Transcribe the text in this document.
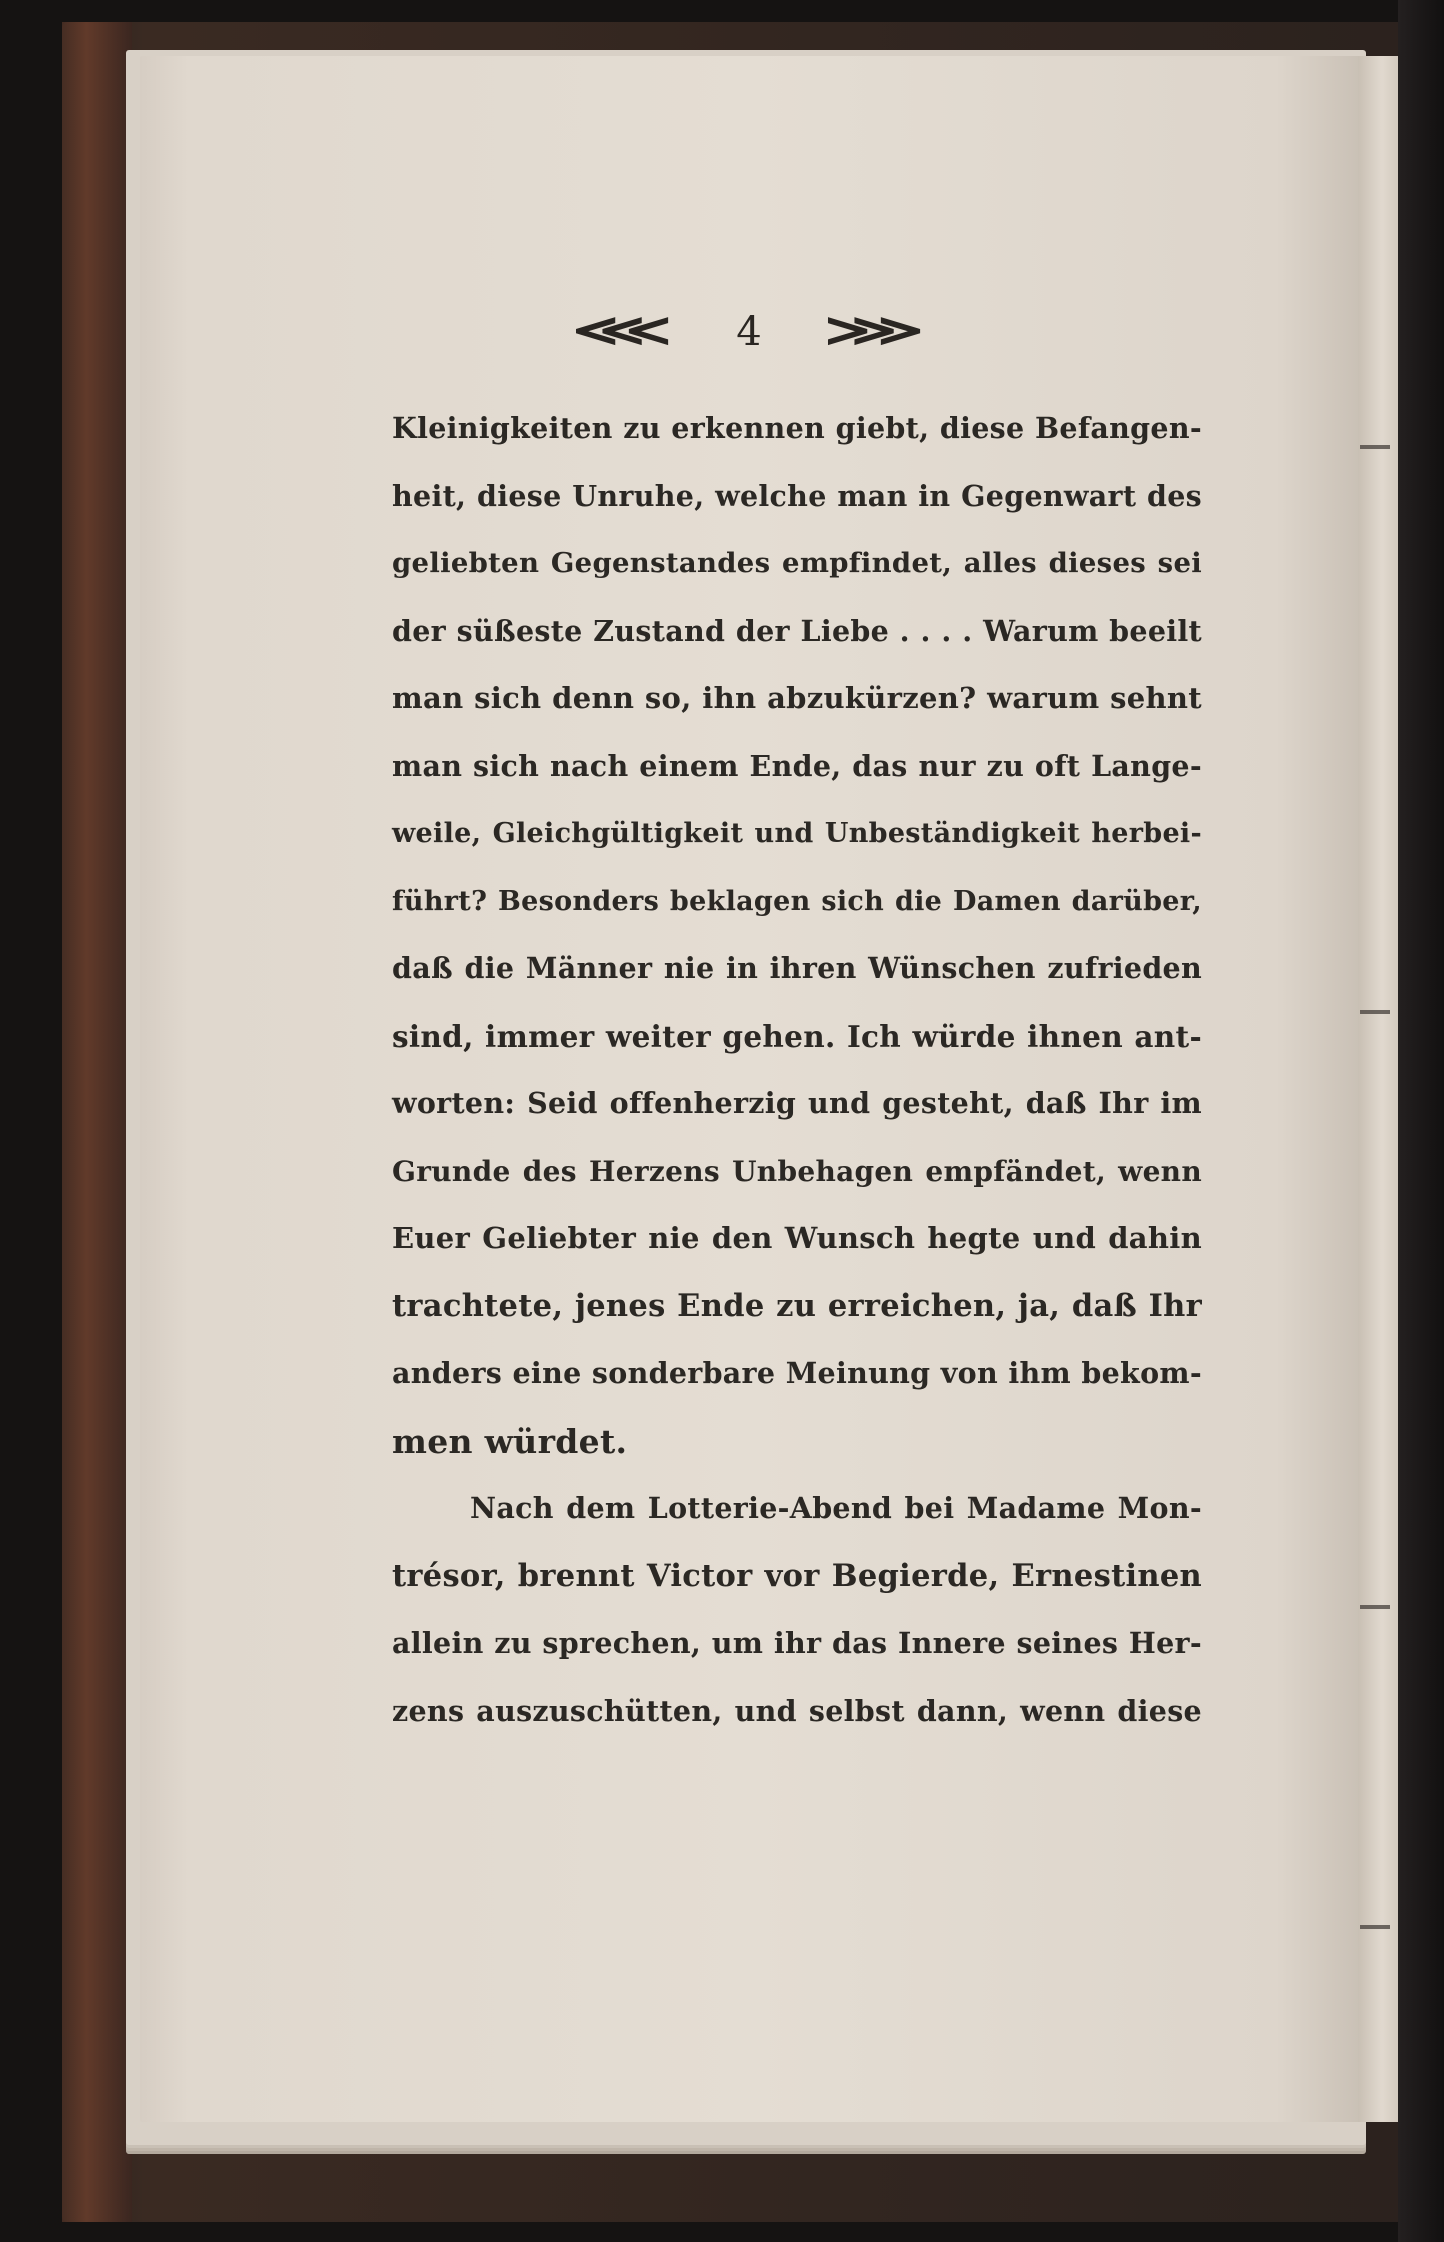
⋘ 4 ⋙
Kleinigkeiten zu erkennen giebt, diese Befangen-
heit, diese Unruhe, welche man in Gegenwart des
geliebten Gegenstandes empfindet, alles dieses sei
der süßeste Zustand der Liebe . . . . Warum beeilt
man sich denn so, ihn abzukürzen? warum sehnt
man sich nach einem Ende, das nur zu oft Lange-
weile, Gleichgültigkeit und Unbeständigkeit herbei-
führt? Besonders beklagen sich die Damen darüber,
daß die Männer nie in ihren Wünschen zufrieden
sind, immer weiter gehen. Ich würde ihnen ant-
worten: Seid offenherzig und gesteht, daß Ihr im
Grunde des Herzens Unbehagen empfändet, wenn
Euer Geliebter nie den Wunsch hegte und dahin
trachtete, jenes Ende zu erreichen, ja, daß Ihr
anders eine sonderbare Meinung von ihm bekom-
men würdet.
Nach dem Lotterie-Abend bei Madame Mon-
trésor, brennt Victor vor Begierde, Ernestinen
allein zu sprechen, um ihr das Innere seines Her-
zens auszuschütten, und selbst dann, wenn diese
